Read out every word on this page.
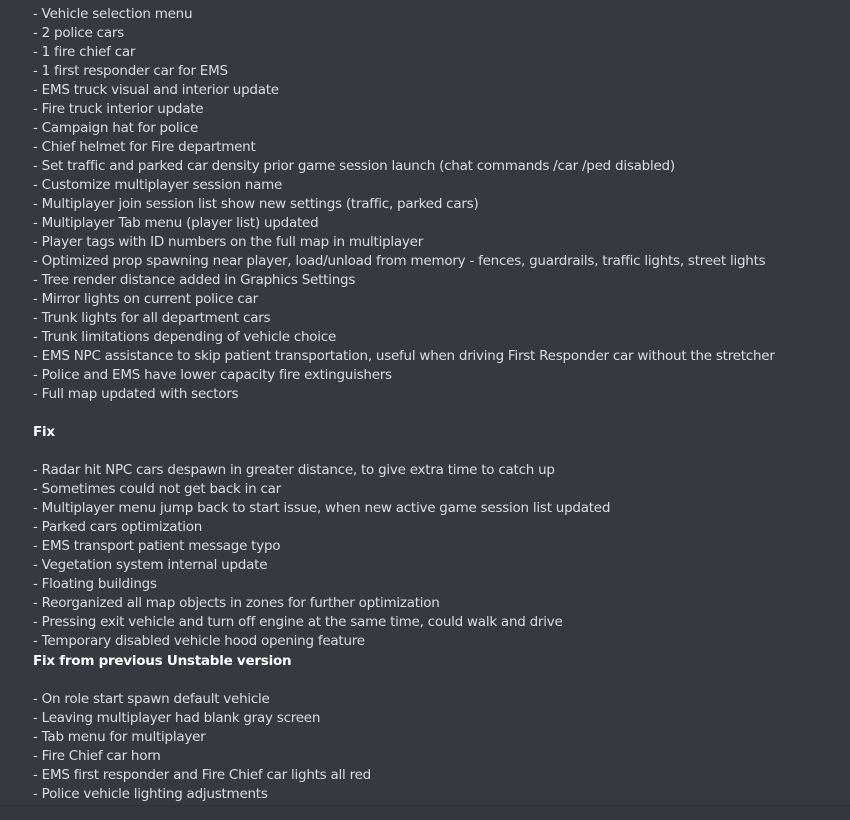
- Vehicle selection menu
- 2 police cars
- 1 fire chief car
- 1 first responder car for EMS
- EMS truck visual and interior update
- Fire truck interior update
- Campaign hat for police
- Chief helmet for Fire department
- Set traffic and parked car density prior game session launch (chat commands /car /ped disabled)
- Customize multiplayer session name
- Multiplayer join session list show new settings (traffic, parked cars)
- Multiplayer Tab menu (player list) updated
- Player tags with ID numbers on the full map in multiplayer
- Optimized prop spawning near player, load/unload from memory - fences, guardrails, traffic lights, street lights
- Tree render distance added in Graphics Settings
- Mirror lights on current police car
- Trunk lights for all department cars
- Trunk limitations depending of vehicle choice
- EMS NPC assistance to skip patient transportation, useful when driving First Responder car without the stretcher
- Police and EMS have lower capacity fire extinguishers
- Full map updated with sectors
Fix
- Radar hit NPC cars despawn in greater distance, to give extra time to catch up
- Sometimes could not get back in car
- Multiplayer menu jump back to start issue, when new active game session list updated
- Parked cars optimization
- EMS transport patient message typo
- Vegetation system internal update
- Floating buildings
- Reorganized all map objects in zones for further optimization
- Pressing exit vehicle and turn off engine at the same time, could walk and drive
- Temporary disabled vehicle hood opening feature
Fix from previous Unstable version
- On role start spawn default vehicle
- Leaving multiplayer had blank gray screen
- Tab menu for multiplayer
- Fire Chief car horn
- EMS first responder and Fire Chief car lights all red
- Police vehicle lighting adjustments
